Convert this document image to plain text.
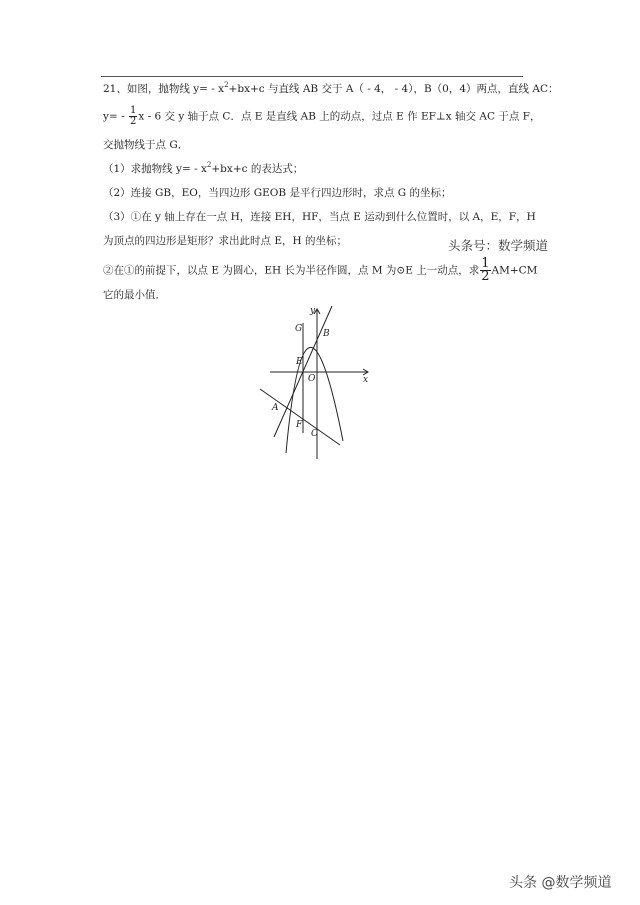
21、如图，抛物线 $y= - x^2+bx+c$ 与直线 AB 交于 A（ - 4， - 4），B（0，4）两点，直线 AC：
$y= - \frac{1}{2}$ x - 6 交 y 轴于点 C．点 E 是直线 AB 上的动点，过点 E 作 EF⊥x 轴交 AC 于点 F，
交抛物线于点 G．
（1）求抛物线 $y= - x^2+bx+c$ 的表达式；
（2）连接 GB，EO，当四边形 GEOB 是平行四边形时，求点 G 的坐标；
（3）①在 y 轴上存在一点 H，连接 EH，HF，当点 E 运动到什么位置时，以 A，E，F，H
为顶点的四边形是矩形？求出此时点 E，H 的坐标；	头条号：数学频道
②在①的前提下，以点 E 为圆心，EH 长为半径作圆，点 M 为⊙E 上一动点，求 $\frac{1}{2} AM+CM$
它的最小值．
y
x
O
G B
E
A
F
C
头条 @数学频道
